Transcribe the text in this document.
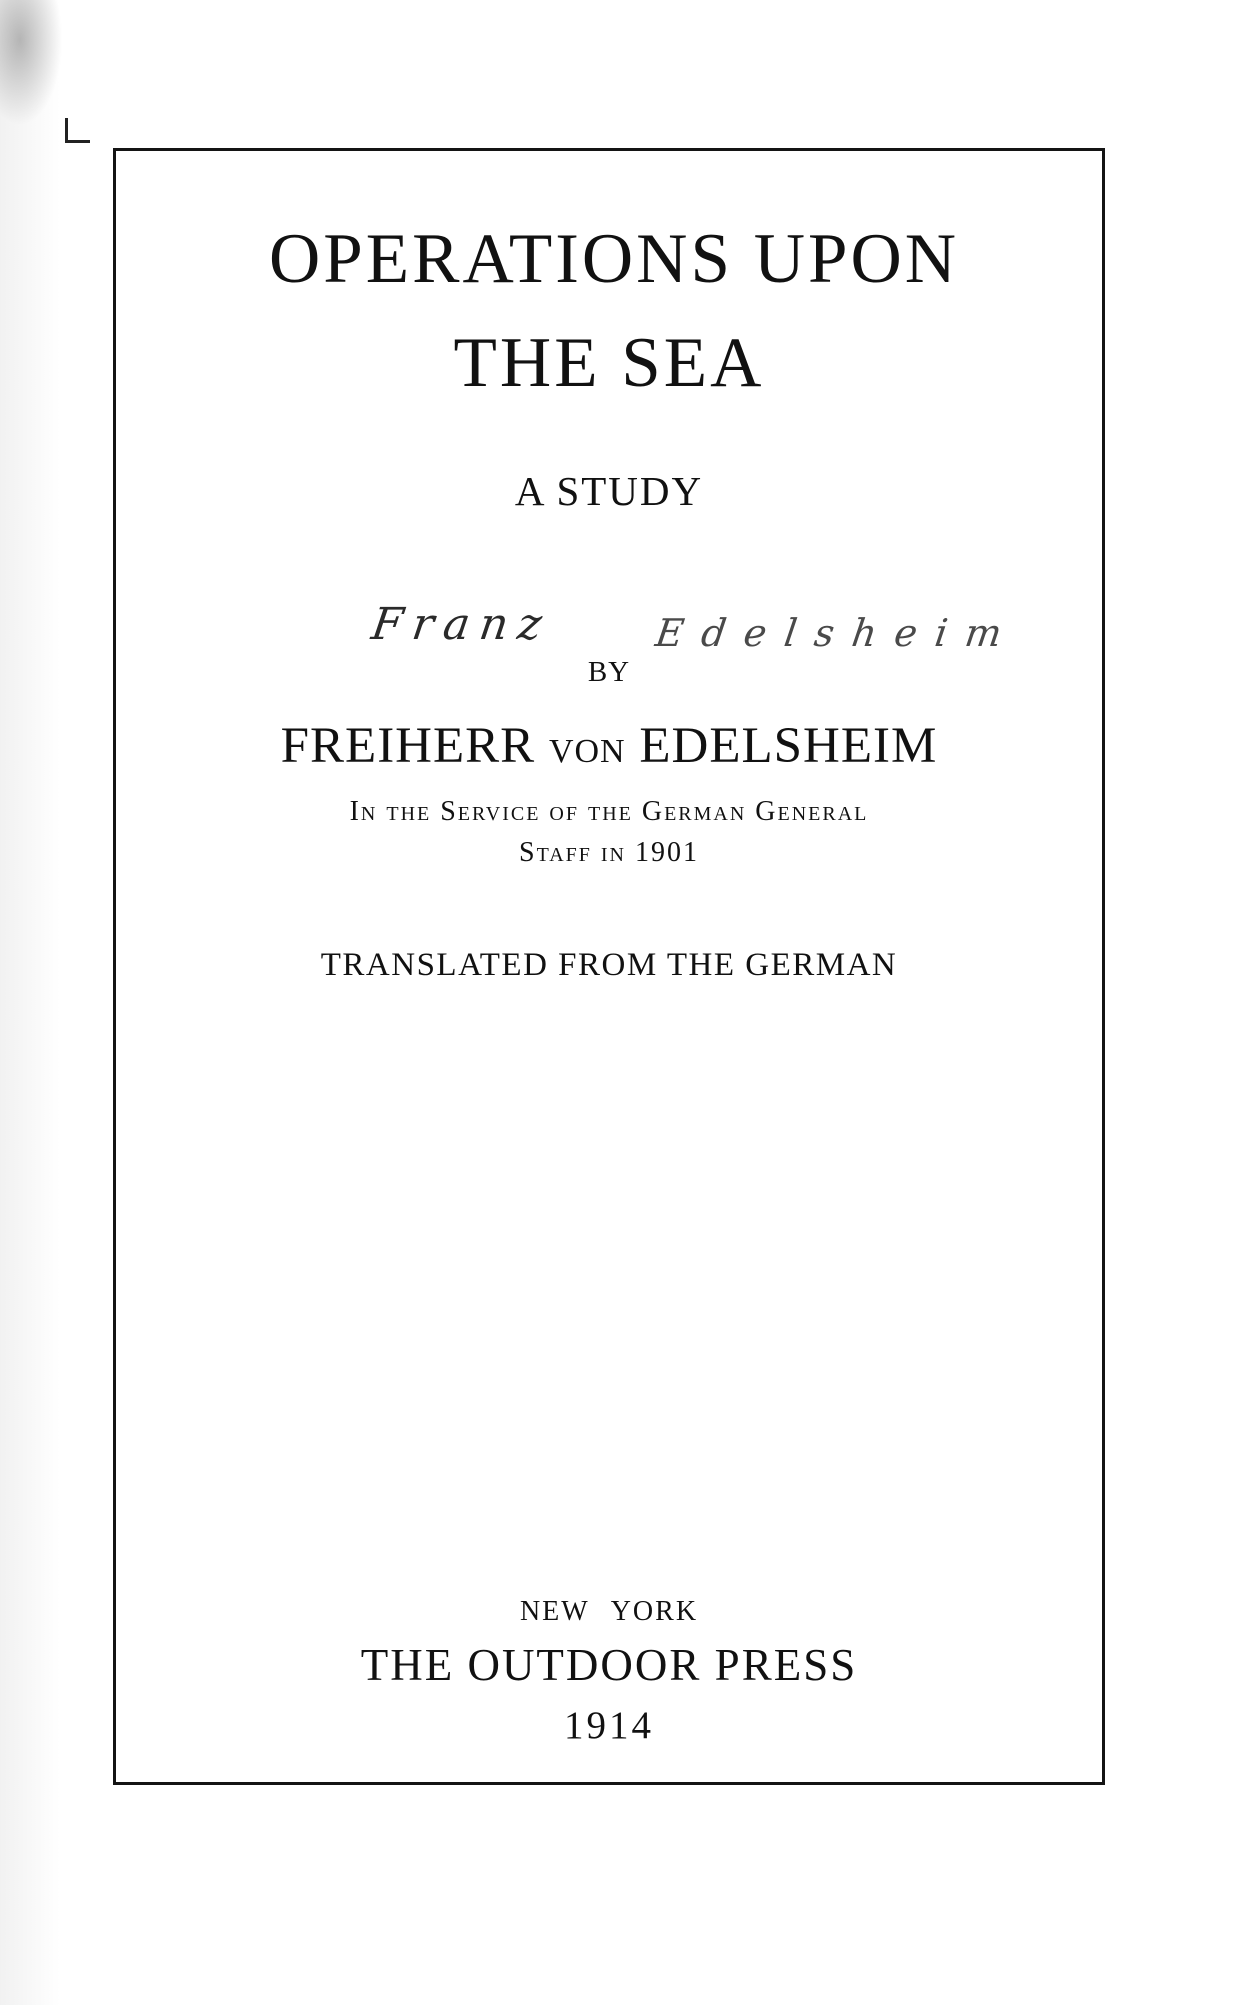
OPERATIONS UPON
THE SEA
A STUDY
Franz
BY
Edelsheim
FREIHERR VON EDELSHEIM
In the Service of the German General
Staff in 1901
TRANSLATED FROM THE GERMAN
NEW YORK
THE OUTDOOR PRESS
1914
